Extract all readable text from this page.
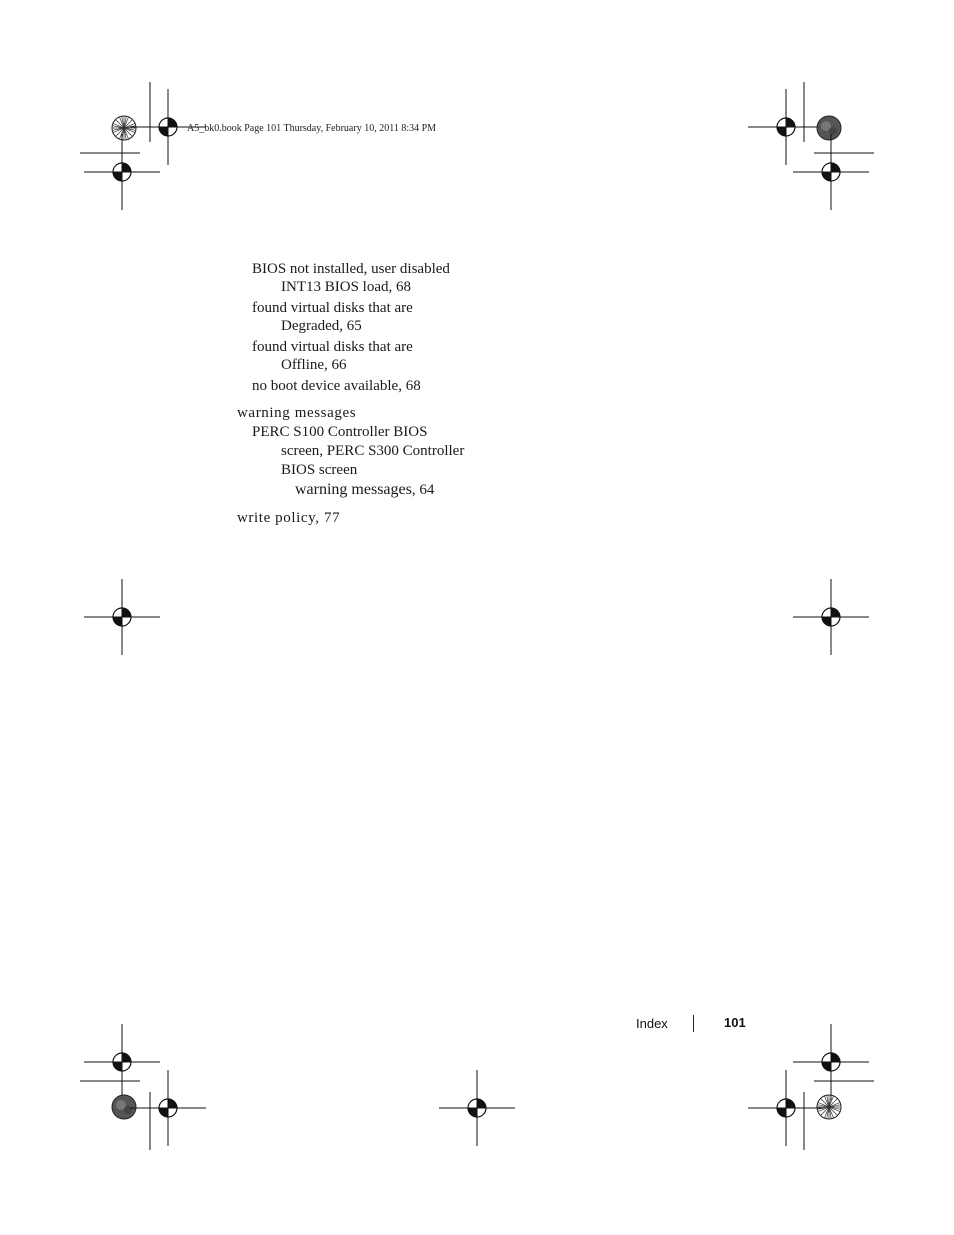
A5_bk0.book Page 101 Thursday, February 10, 2011 8:34 PM
BIOS not installed, user disabled
INT13 BIOS load, 68
found virtual disks that are
Degraded, 65
found virtual disks that are
Offline, 66
no boot device available, 68
warning messages
PERC S100 Controller BIOS
screen, PERC S300 Controller
BIOS screen
warning messages, 64
write policy, 77
Index	101
